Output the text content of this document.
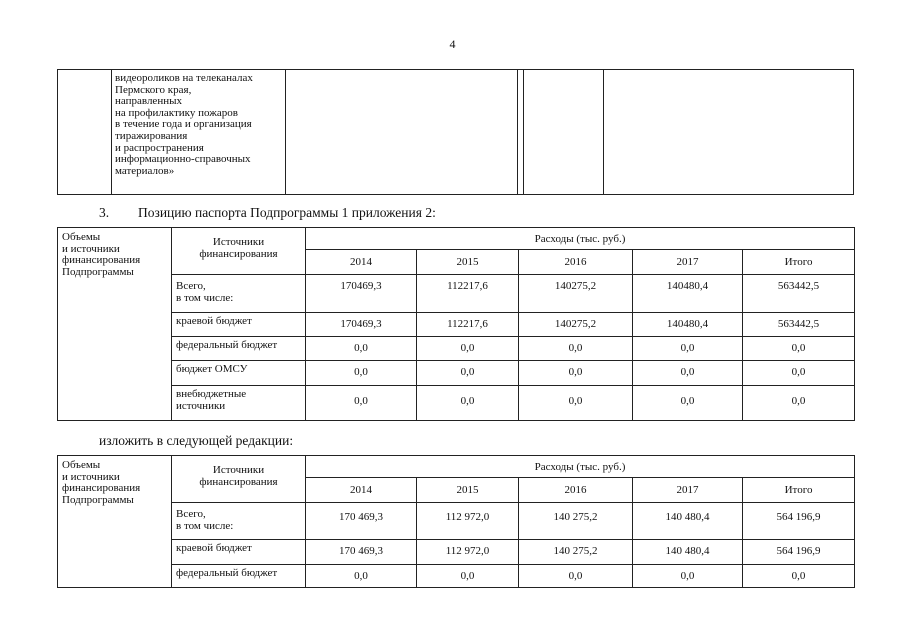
4

видеороликов на телеканалах
Пермского края,
направленных
на профилактику пожаров
в течение года и организация
тиражирования
и распространения
информационно-справочных
материалов»

3. Позицию паспорта Подпрограммы 1 приложения 2:
Объемы
и источники
финансирования
Подпрограммы	Источники
финансирования	Расходы (тыс. руб.)				
		2014	2015	2016	2017	Итого
	Всего,
в том числе:	170469,3	112217,6	140275,2	140480,4	563442,5
	краевой бюджет	170469,3	112217,6	140275,2	140480,4	563442,5
	федеральный бюджет	0,0	0,0	0,0	0,0	0,0
	бюджет ОМСУ	0,0	0,0	0,0	0,0	0,0
	внебюджетные
источники	0,0	0,0	0,0	0,0	0,0
изложить в следующей редакции:
Объемы
и источники
финансирования
Подпрограммы	Источники
финансирования	Расходы (тыс. руб.)				
		2014	2015	2016	2017	Итого
	Всего,
в том числе:	170 469,3	112 972,0	140 275,2	140 480,4	564 196,9
	краевой бюджет	170 469,3	112 972,0	140 275,2	140 480,4	564 196,9
	федеральный бюджет	0,0	0,0	0,0	0,0	0,0
